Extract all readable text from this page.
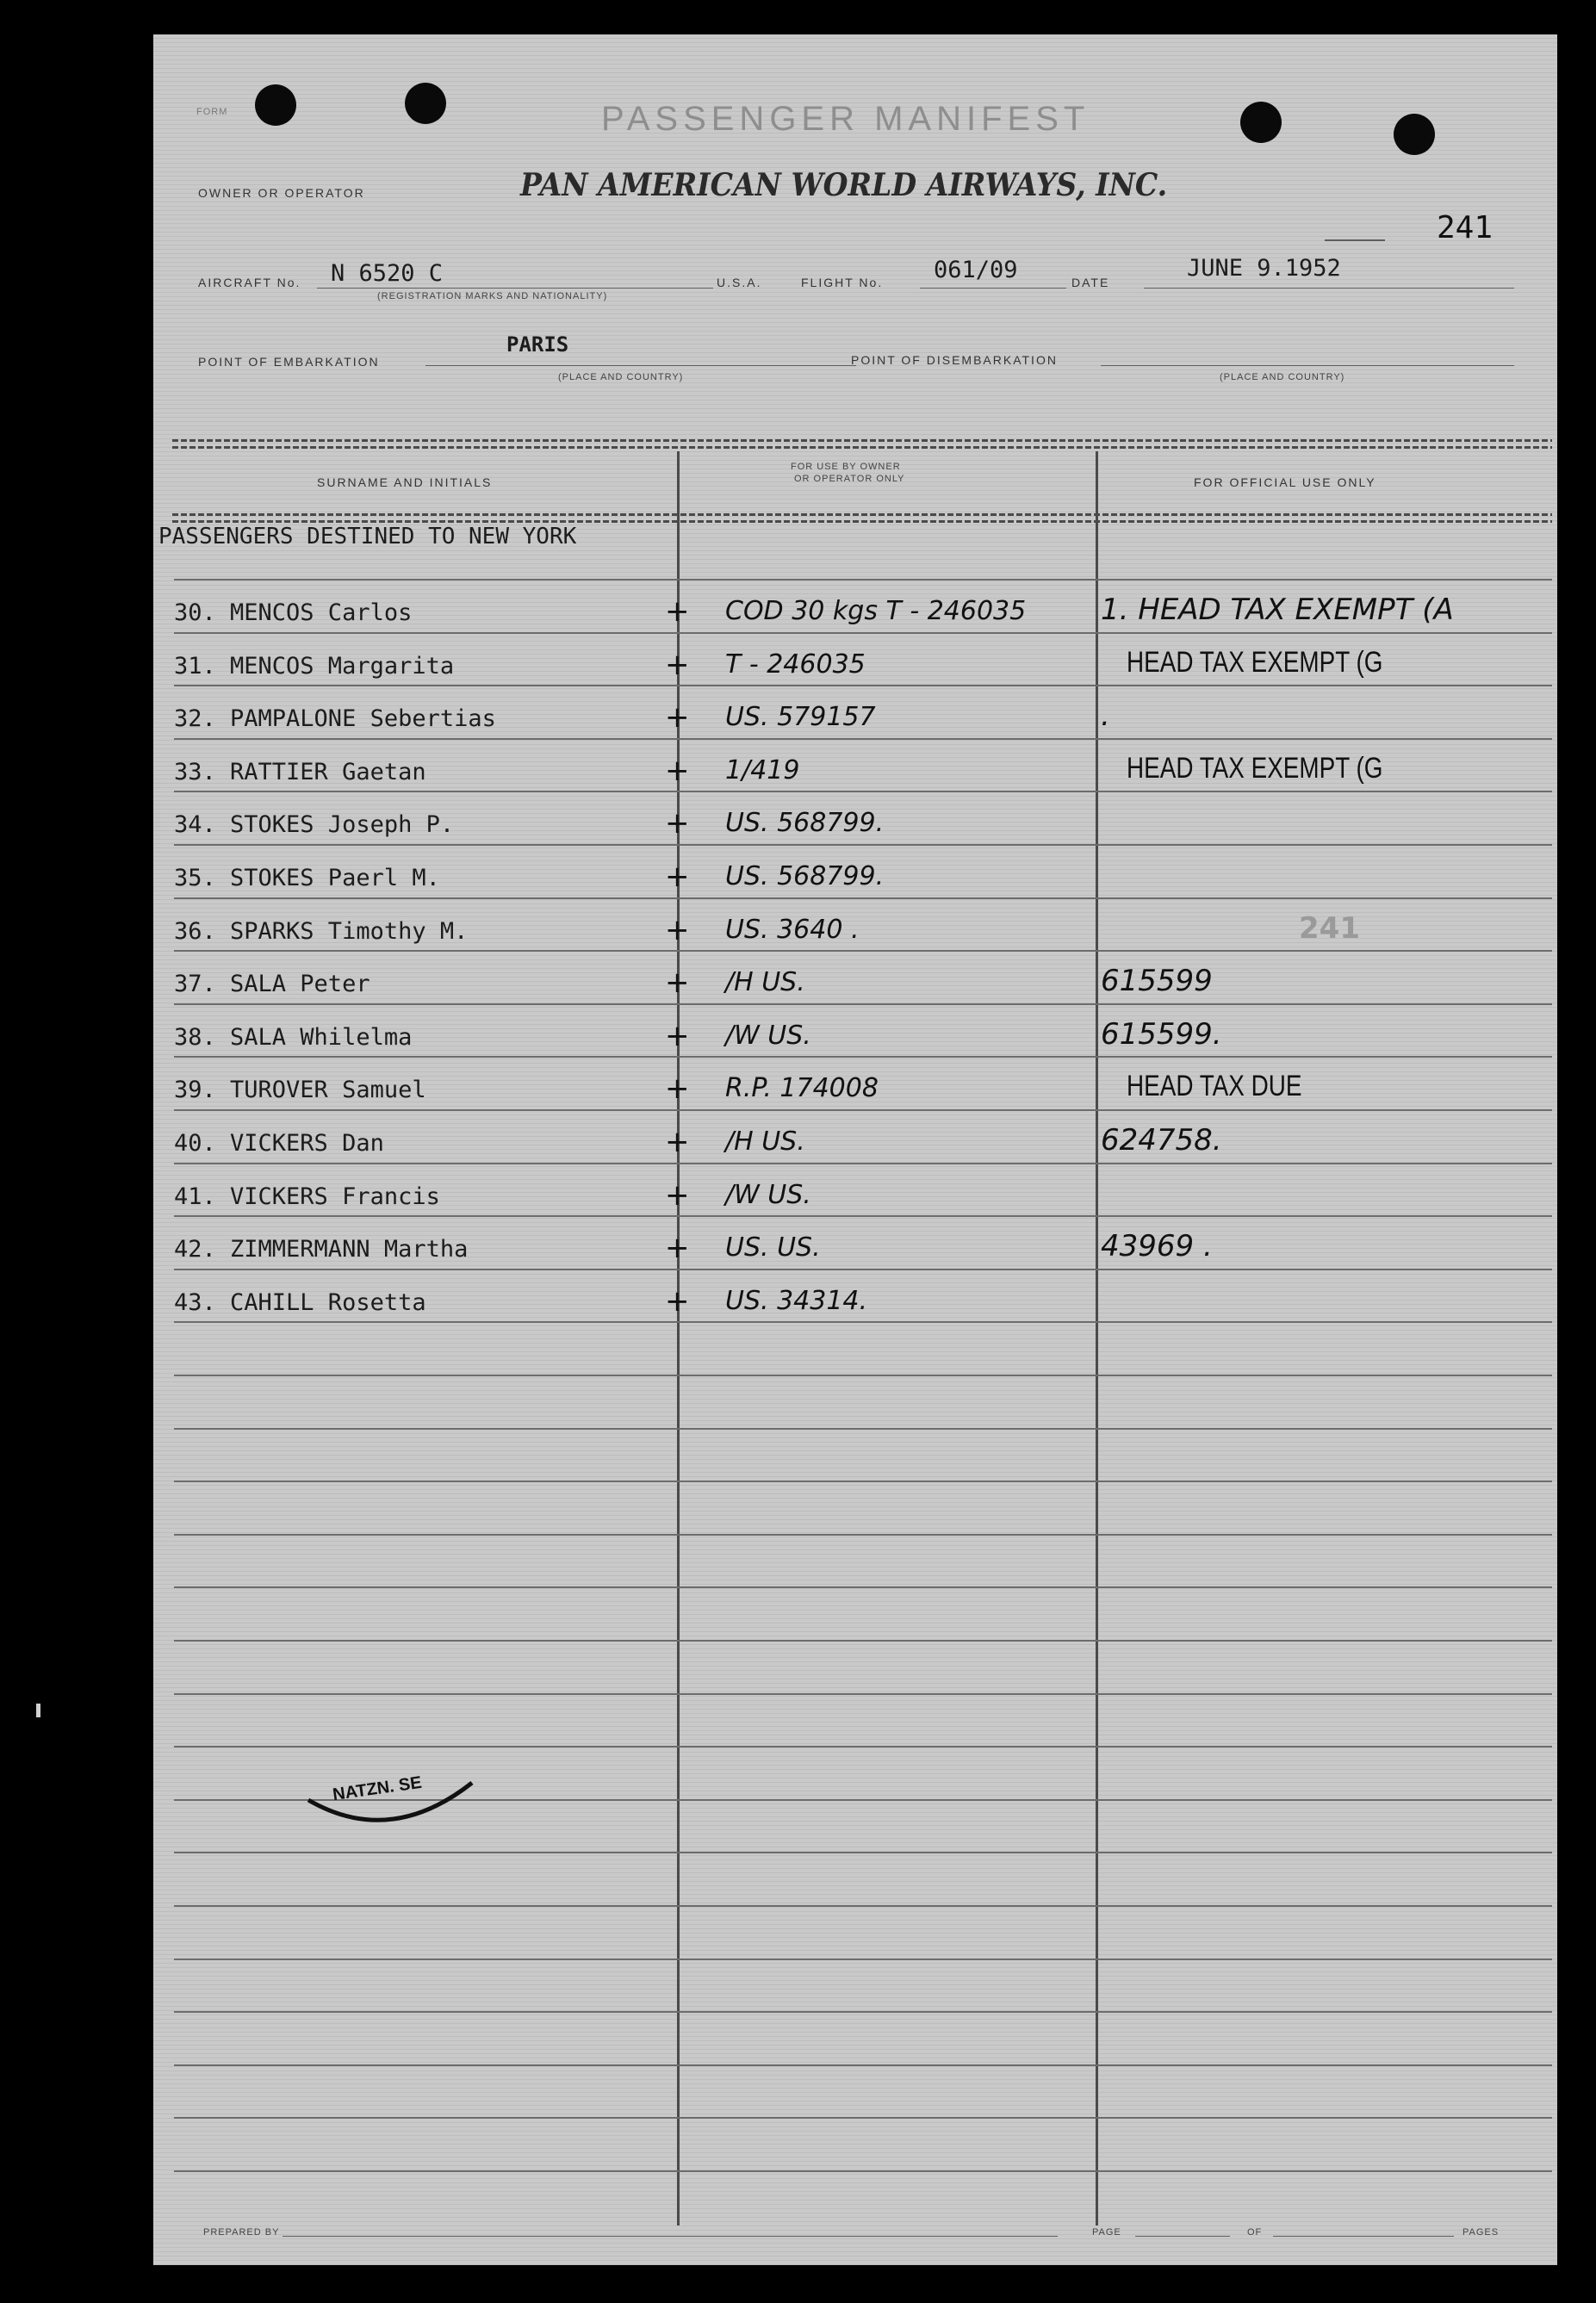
FORM	PASSENGER MANIFEST
OWNER OR OPERATOR	PAN AMERICAN WORLD AIRWAYS, INC.
241
AIRCRAFT No. N 6520 C
(REGISTRATION MARKS AND NATIONALITY)
U.S.A.	FLIGHT No. 061/09	DATE
JUNE 9.1952
POINT OF EMBARKATION
PARIS
(PLACE AND COUNTRY)
POINT OF DISEMBARKATION
(PLACE AND COUNTRY)
SURNAME AND INITIALS
FOR USE BY OWNER
OR OPERATOR ONLY	FOR OFFICIAL USE ONLY
PASSENGERS DESTINED TO NEW YORK
30. MENCOS Carlos	+ COD 30 kgs T - 246035	1. HEAD TAX EXEMPT (A
31. MENCOS Margarita	+ T - 246035	HEAD TAX EXEMPT (G
32. PAMPALONE Sebertias	+ US. 579157	.
33. RATTIER Gaetan	+ 1/419	HEAD TAX EXEMPT (G
34. STOKES Joseph P.	+ US. 568799.
35. STOKES Paerl M.	+ US. 568799.
36. SPARKS Timothy M.	+ US. 3640 .	241
37. SALA Peter	+ /H US.	615599
38. SALA Whilelma	+ /W US.	615599.
39. TUROVER Samuel	+ R.P. 174008	HEAD TAX DUE
40. VICKERS Dan	+ /H US.	624758.
41. VICKERS Francis	+ /W US.
42. ZIMMERMANN Martha	+ US. US.	43969 .
43. CAHILL Rosetta	+ US. 34314.
NATZN. SE
PREPARED BY	PAGE	OF	PAGES
